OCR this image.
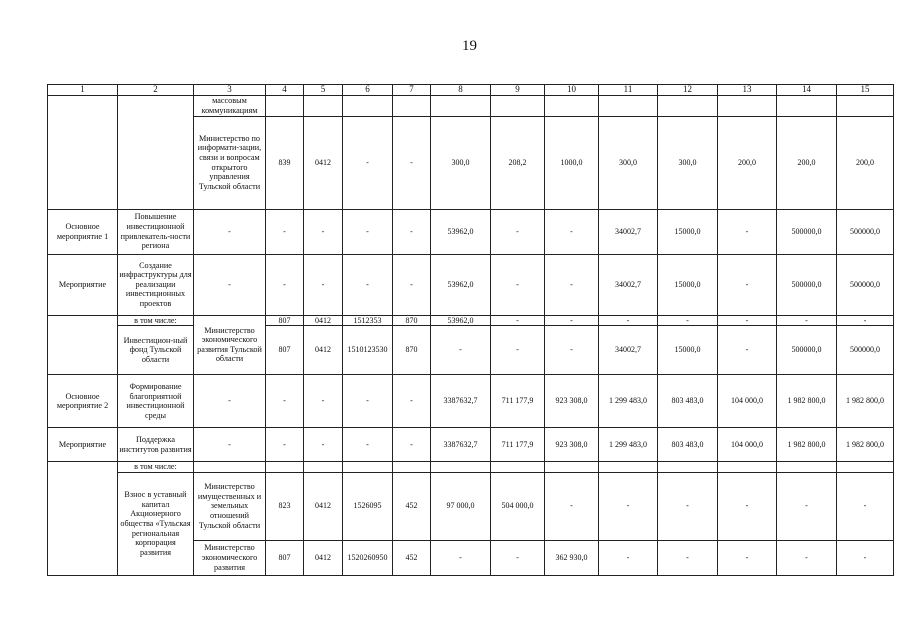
19
1	2	3	4	5	6	7	8	9	10	11	12	13	14	15
		массовым коммуникациям												
		Министерство по информати-зации, связи и вопросам открытого управления Тульской области	839	0412	-	-	300,0	208,2	1000,0	300,0	300,0	200,0	200,0	200,0
Основное мероприятие 1	Повышение инвестиционной привлекатель-ности региона	-	-	-	-	-	53962,0	-	-	34002,7	15000,0	-	500000,0	500000,0
Мероприятие	Создание инфраструктуры для реализации инвестиционных проектов	-	-	-	-	-	53962,0	-	-	34002,7	15000,0	-	500000,0	500000,0
	в том числе:	Министерство экономического развития Тульской области	807	0412	1512353	870	53962,0	-	-	-	-	-	-	-
	Инвестицион-ный фонд Тульской области		807	0412	1510123530	870	-	-	-	34002,7	15000,0	-	500000,0	500000,0
Основное мероприятие 2	Формирование благоприятной инвестиционной среды	-	-	-	-	-	3387632,7	711 177,9	923 308,0	1 299 483,0	803 483,0	104 000,0	1 982 800,0	1 982 800,0
Мероприятие	Поддержка институтов развития	-	-	-	-	-	3387632,7	711 177,9	923 308,0	1 299 483,0	803 483,0	104 000,0	1 982 800,0	1 982 800,0
	в том числе:													
	Взнос в уставный капитал Акционерного общества «Тульская региональная корпорация развития	Министерство имущественных и земельных отношений Тульской области	823	0412	1526095	452	97 000,0	504 000,0	-	-	-	-	-	-
		Министерство экономического развития	807	0412	1520260950	452	-	-	362 930,0	-	-	-	-	-
